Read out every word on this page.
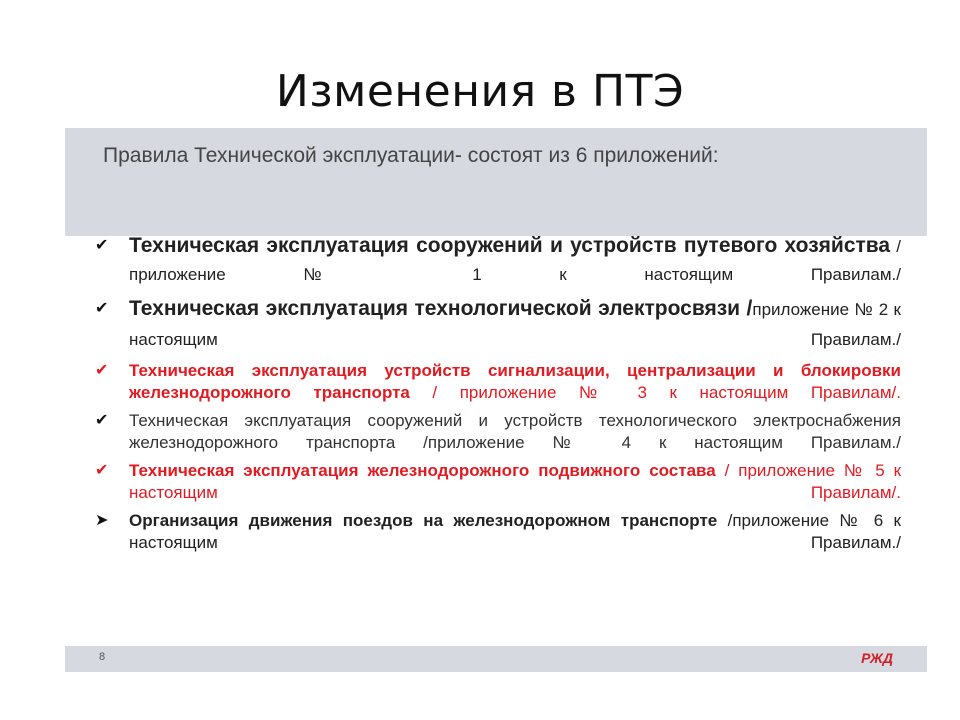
Изменения в ПТЭ
Правила Технической эксплуатации- состоят из 6 приложений:
✔ Техническая эксплуатация сооружений и устройств путевого хозяйства /приложение № 1 к настоящим Правилам./
✔ Техническая эксплуатация технологической электросвязи /приложение № 2 к настоящим Правилам./
✔ Техническая эксплуатация устройств сигнализации, централизации и блокировки железнодорожного транспорта / приложение № 3 к настоящим Правилам/.
✔ Техническая эксплуатация сооружений и устройств технологического электроснабжения железнодорожного транспорта /приложение № 4 к настоящим Правилам./
✔ Техническая эксплуатация железнодорожного подвижного состава / приложение № 5 к настоящим Правилам/.
➤ Организация движения поездов на железнодорожном транспорте /приложение № 6 к настоящим Правилам./
8	РЖД
